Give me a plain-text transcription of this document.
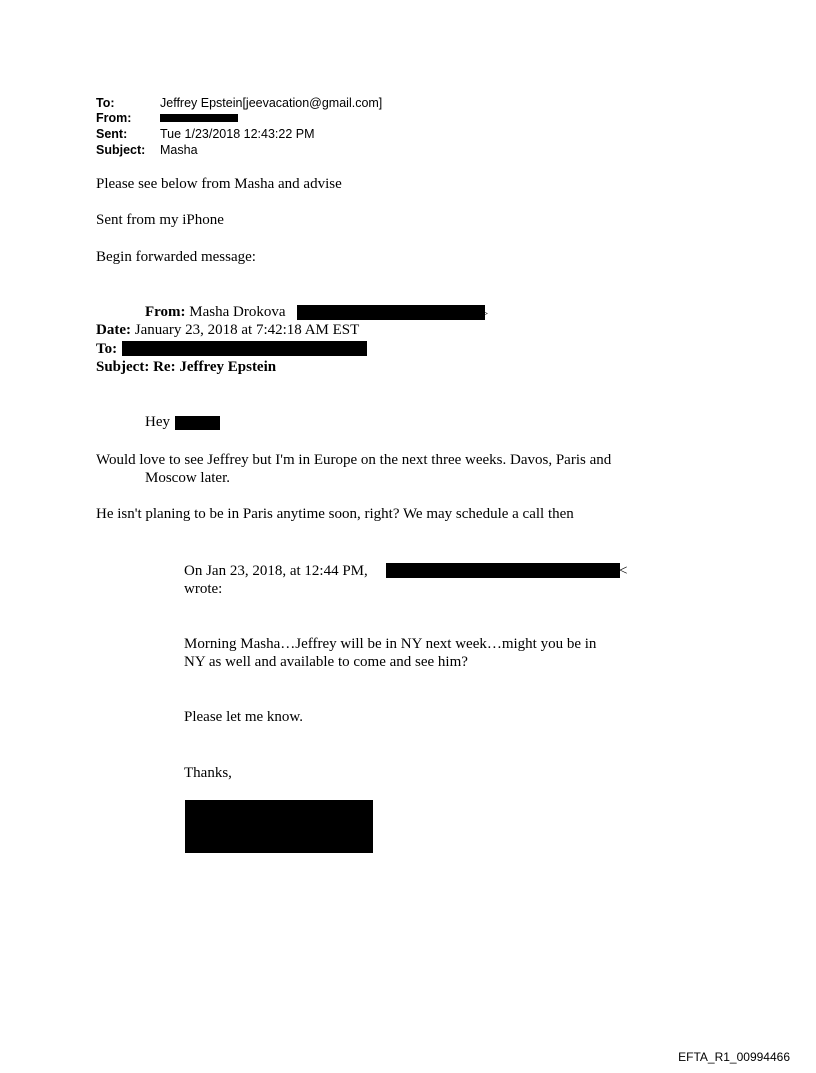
To:	Jeffrey Epstein[jeevacation@gmail.com]
From:
Sent:	Tue 1/23/2018 12:43:22 PM
Subject: Masha
Please see below from Masha and advise
Sent from my iPhone
Begin forwarded message:
From: Masha Drokova	>
Date: January 23, 2018 at 7:42:18 AM EST
To:
Subject: Re: Jeffrey Epstein
Hey
Would love to see Jeffrey but I'm in Europe on the next three weeks. Davos, Paris and
Moscow later.
He isn't planing to be in Paris anytime soon, right? We may schedule a call then
On Jan 23, 2018, at 12:44 PM,	<
wrote:
Morning Masha…Jeffrey will be in NY next week…might you be in
NY as well and available to come and see him?
Please let me know.
Thanks,
EFTA_R1_00994466
